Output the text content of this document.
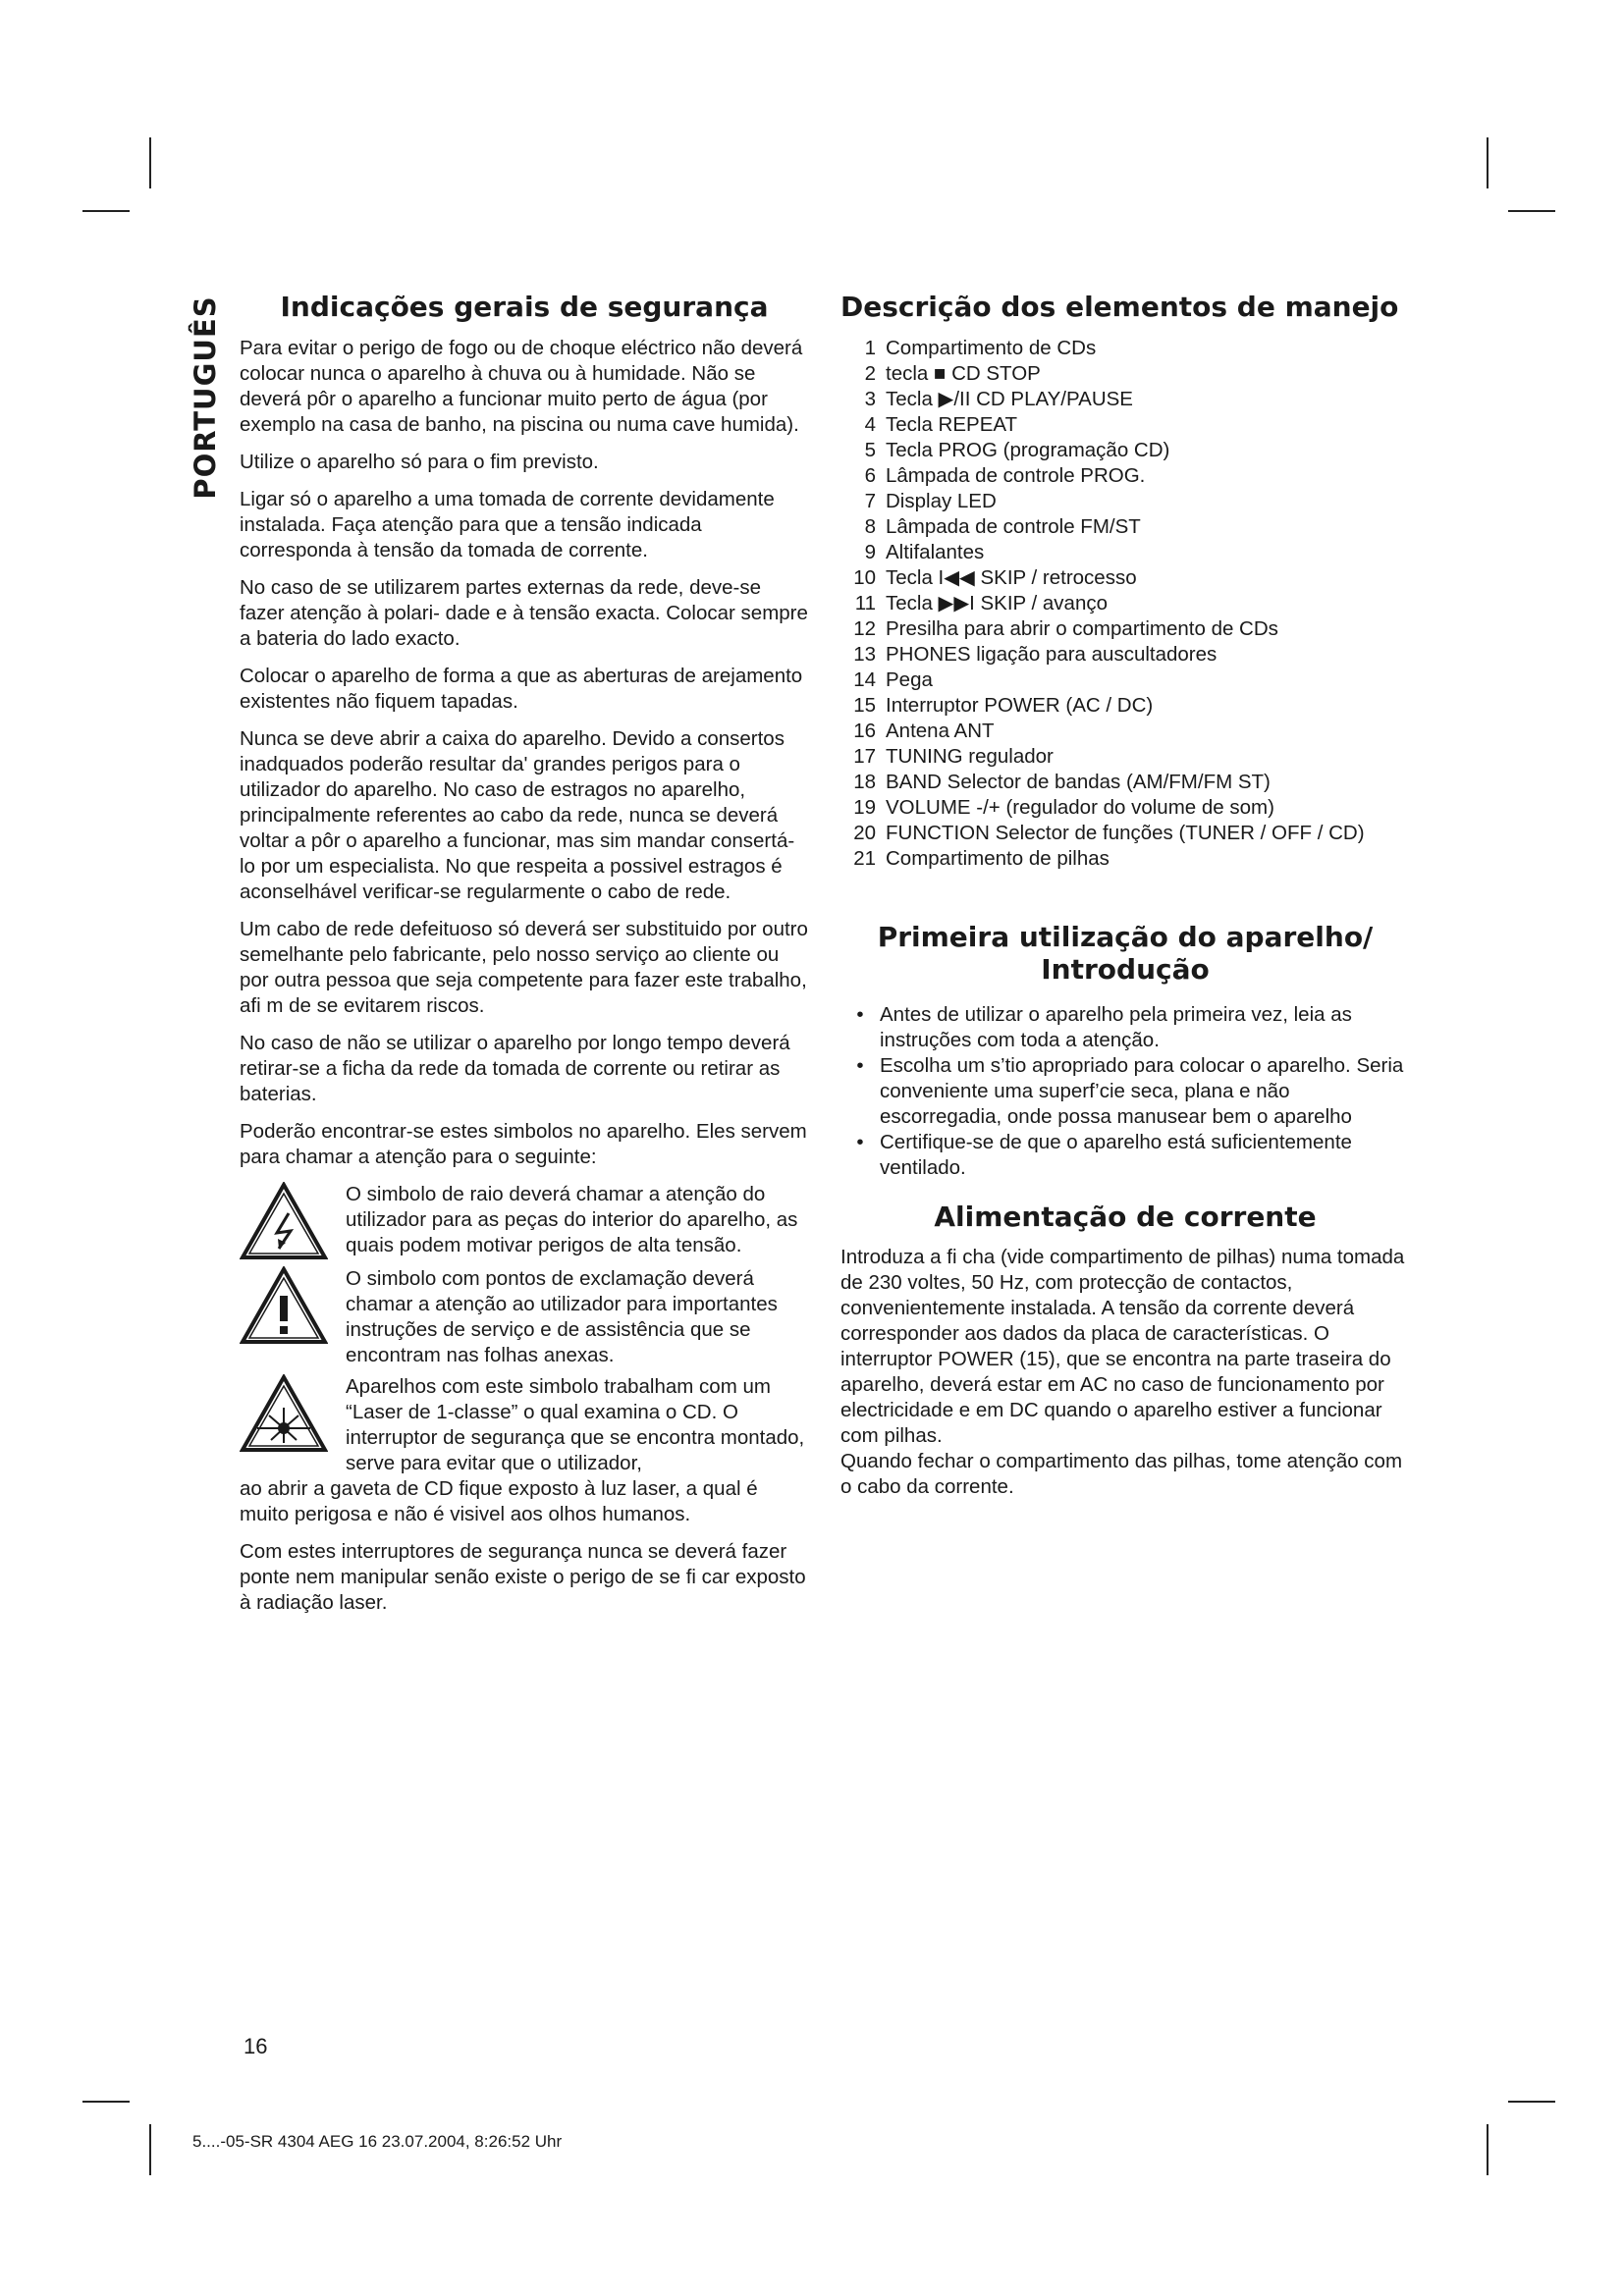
PORTUGUÊS	Indicações gerais de segurança

Para evitar o perigo de fogo ou de choque eléctrico não deverá colocar nunca o aparelho à chuva ou à humidade. Não se deverá pôr o aparelho a funcionar muito perto de água (por exemplo na casa de banho, na piscina ou numa cave humida).

Utilize o aparelho só para o fim previsto.

Ligar só o aparelho a uma tomada de corrente devidamente instalada. Faça atenção para que a tensão indicada corresponda à tensão da tomada de corrente.

No caso de se utilizarem partes externas da rede, deve-se fazer atenção à polari- dade e à tensão exacta. Colocar sempre a bateria do lado exacto.

Colocar o aparelho de forma a que as aberturas de arejamento existentes não fiquem tapadas.

Nunca se deve abrir a caixa do aparelho. Devido a consertos inadquados poderão resultar da' grandes perigos para o utilizador do aparelho. No caso de estragos no aparelho, principalmente referentes ao cabo da rede, nunca se deverá voltar a pôr o aparelho a funcionar, mas sim mandar consertá-lo por um especialista. No que respeita a possivel estragos é aconselhável verificar-se regularmente o cabo de rede.

Um cabo de rede defeituoso só deverá ser substituido por outro semelhante pelo fabricante, pelo nosso serviço ao cliente ou por outra pessoa que seja competente para fazer este trabalho, afi m de se evitarem riscos.

No caso de não se utilizar o aparelho por longo tempo deverá retirar-se a ficha da rede da tomada de corrente ou retirar as baterias.

Poderão encontrar-se estes simbolos no aparelho. Eles servem para chamar a atenção para o seguinte:

O simbolo de raio deverá chamar a atenção do utilizador para as peças do interior do aparelho, as quais podem motivar perigos de alta tensão.

O simbolo com pontos de exclamação deverá chamar a atenção ao utilizador para importantes instruções de serviço e de assistência que se encontram nas folhas anexas.

Aparelhos com este simbolo trabalham com um “Laser de 1-classe” o qual examina o CD. O interruptor de segurança que se encontra montado, serve para evitar que o utilizador,

ao abrir a gaveta de CD fique exposto à luz laser, a qual é muito perigosa e não é visivel aos olhos humanos.

Com estes interruptores de segurança nunca se deverá fazer ponte nem manipular senão existe o perigo de se fi car exposto à radiação laser.

Descrição dos elementos de manejo
1 Compartimento de CDs
2 tecla ■ CD STOP
3 Tecla ▶/II CD PLAY/PAUSE
4 Tecla REPEAT
5 Tecla PROG (programação CD)
6 Lâmpada de controle PROG.
7 Display LED
8 Lâmpada de controle FM/ST
9 Altifalantes
10 Tecla I◀◀ SKIP / retrocesso
11 Tecla ▶▶I SKIP / avanço
12 Presilha para abrir o compartimento de CDs
13 PHONES ligação para auscultadores
14 Pega
15 Interruptor POWER (AC / DC)
16 Antena ANT
17 TUNING regulador
18 BAND Selector de bandas (AM/FM/FM ST)
19 VOLUME -/+ (regulador do volume de som)
20 FUNCTION Selector de funções (TUNER / OFF / CD)
21 Compartimento de pilhas
Primeira utilização do aparelho/
Introdução
• Antes de utilizar o aparelho pela primeira vez, leia as instruções com toda a atenção.
• Escolha um s’tio apropriado para colocar o aparelho. Seria conveniente uma superf’cie seca, plana e não escorregadia, onde possa manusear bem o aparelho
• Certifique-se de que o aparelho está suficientemente ventilado.
Alimentação de corrente

Introduza a fi cha (vide compartimento de pilhas) numa tomada de 230 voltes, 50 Hz, com protecção de contactos, convenientemente instalada. A tensão da corrente deverá corresponder aos dados da placa de características. O interruptor POWER (15), que se encontra na parte traseira do aparelho, deverá estar em AC no caso de funcionamento por electricidade e em DC quando o aparelho estiver a funcionar com pilhas.

Quando fechar o compartimento das pilhas, tome atenção com o cabo da corrente.

16
5....-05-SR 4304 AEG 16 23.07.2004, 8:26:52 Uhr
